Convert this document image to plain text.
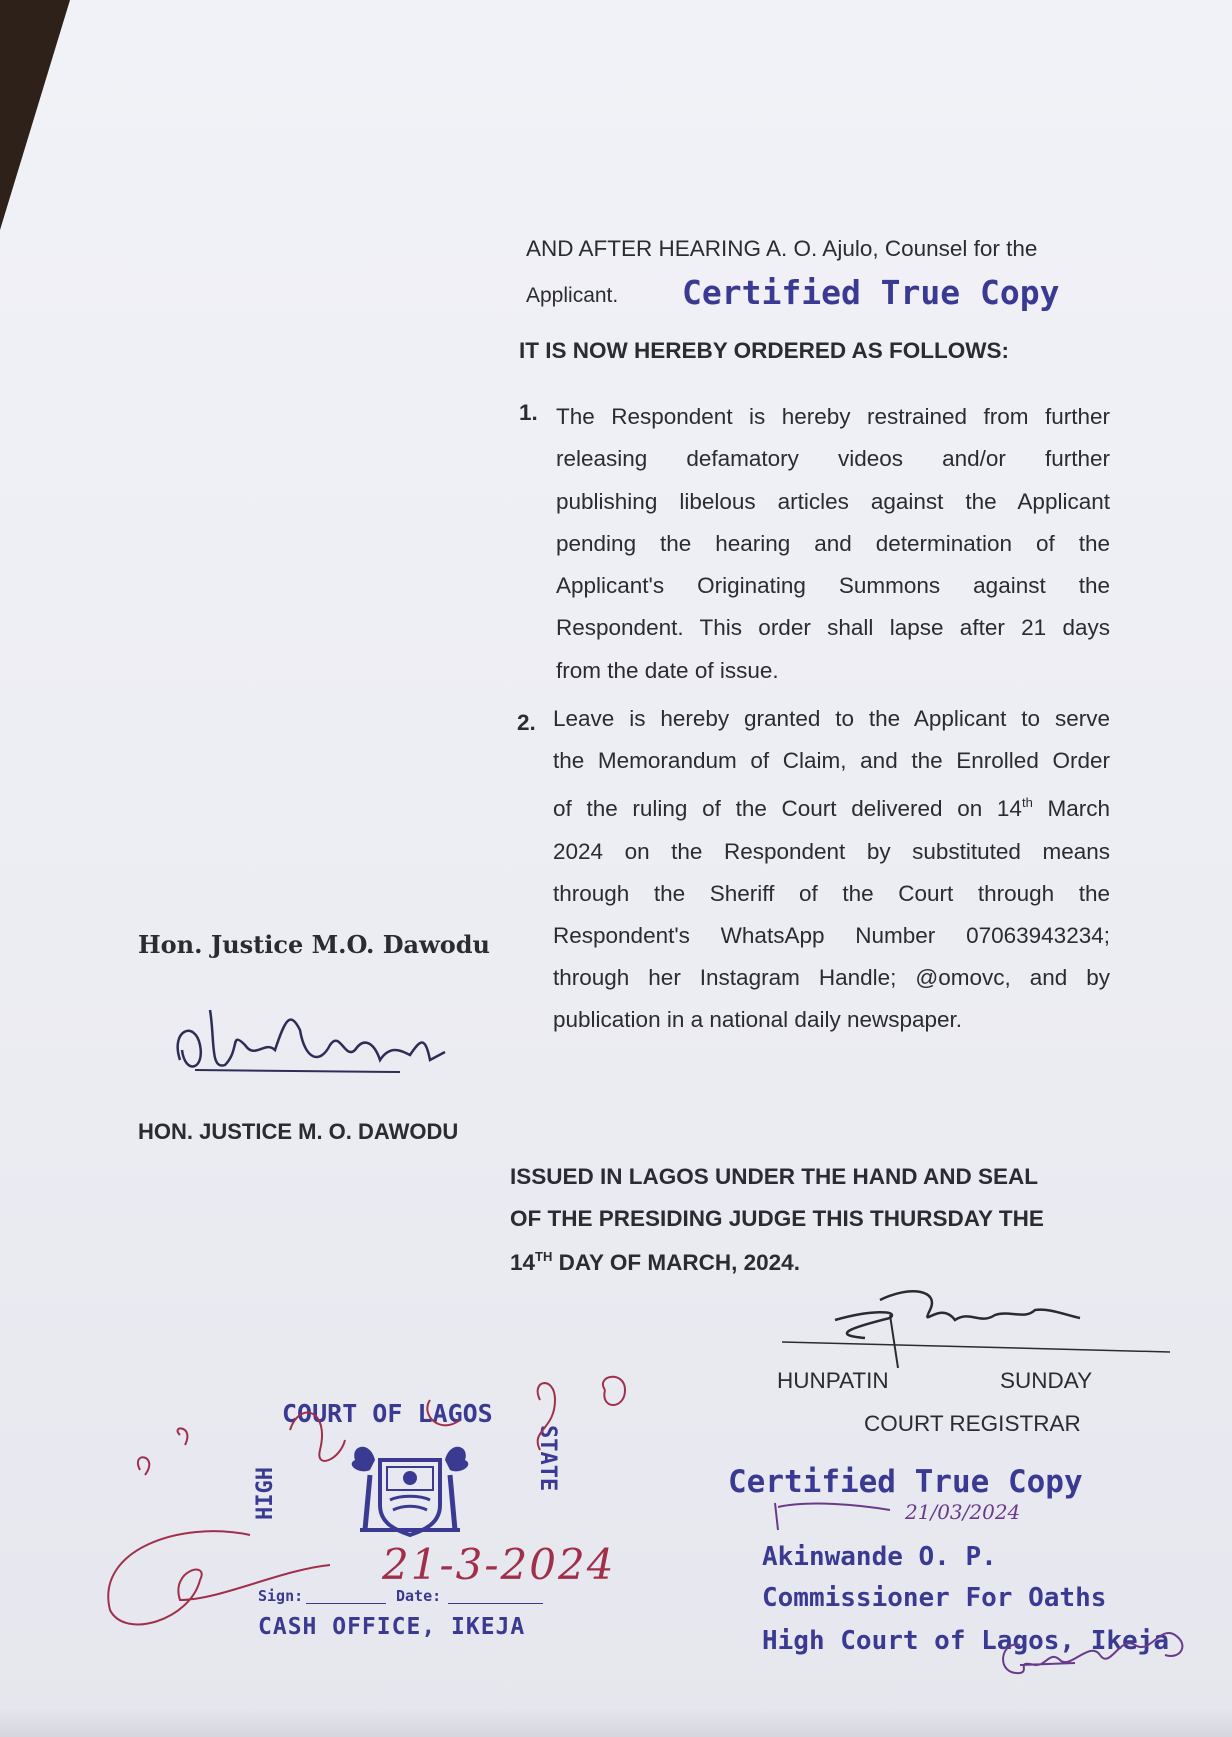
AND AFTER HEARING A. O. Ajulo, Counsel for the
Applicant. Certified True Copy
IT IS NOW HEREBY ORDERED AS FOLLOWS:
1. The Respondent is hereby restrained from further
releasing defamatory videos and/or further
publishing libelous articles against the Applicant
pending the hearing and determination of the
Applicant's Originating Summons against the
Respondent. This order shall lapse after 21 days
from the date of issue.
2. Leave is hereby granted to the Applicant to serve
the Memorandum of Claim, and the Enrolled Order
of the ruling of the Court delivered on 14th March
2024 on the Respondent by substituted means
through the Sheriff of the Court through the
Respondent's WhatsApp Number 07063943234;
through her Instagram Handle; @omovc, and by
publication in a national daily newspaper.
Hon. Justice M.O. Dawodu
HON. JUSTICE M. O. DAWODU
ISSUED IN LAGOS UNDER THE HAND AND SEAL
OF THE PRESIDING JUDGE THIS THURSDAY THE
14TH DAY OF MARCH, 2024.
HUNPATIN	SUNDAY
COURT REGISTRAR
COURT OF LAGOS
HIGH
STATE
Sign:	Date:
CASH OFFICE, IKEJA
21-3-2024
Certified True Copy
21/03/2024
Akinwande O. P.
Commissioner For Oaths
High Court of Lagos, Ikeja
